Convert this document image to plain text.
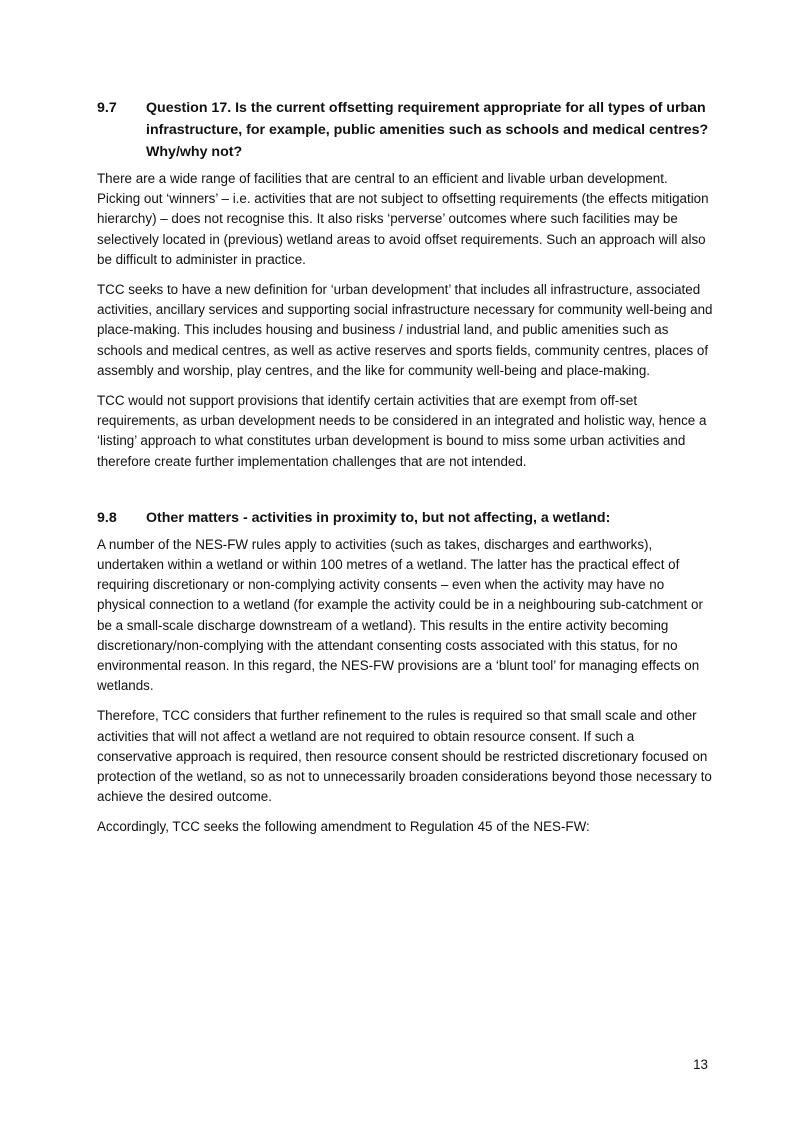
9.7	Question 17. Is the current offsetting requirement appropriate for all types of urban infrastructure, for example, public amenities such as schools and medical centres? Why/why not?

There are a wide range of facilities that are central to an efficient and livable urban development. Picking out ‘winners’ – i.e. activities that are not subject to offsetting requirements (the effects mitigation hierarchy) – does not recognise this. It also risks ‘perverse’ outcomes where such facilities may be selectively located in (previous) wetland areas to avoid offset requirements. Such an approach will also be difficult to administer in practice.

TCC seeks to have a new definition for ‘urban development’ that includes all infrastructure, associated activities, ancillary services and supporting social infrastructure necessary for community well-being and place-making. This includes housing and business / industrial land, and public amenities such as schools and medical centres, as well as active reserves and sports fields, community centres, places of assembly and worship, play centres, and the like for community well-being and place-making.

TCC would not support provisions that identify certain activities that are exempt from off-set requirements, as urban development needs to be considered in an integrated and holistic way, hence a ‘listing’ approach to what constitutes urban development is bound to miss some urban activities and therefore create further implementation challenges that are not intended.

9.8	Other matters - activities in proximity to, but not affecting, a wetland:

A number of the NES-FW rules apply to activities (such as takes, discharges and earthworks), undertaken within a wetland or within 100 metres of a wetland. The latter has the practical effect of requiring discretionary or non-complying activity consents – even when the activity may have no physical connection to a wetland (for example the activity could be in a neighbouring sub-catchment or be a small-scale discharge downstream of a wetland). This results in the entire activity becoming discretionary/non-complying with the attendant consenting costs associated with this status, for no environmental reason. In this regard, the NES-FW provisions are a ‘blunt tool’ for managing effects on wetlands.

Therefore, TCC considers that further refinement to the rules is required so that small scale and other activities that will not affect a wetland are not required to obtain resource consent. If such a conservative approach is required, then resource consent should be restricted discretionary focused on protection of the wetland, so as not to unnecessarily broaden considerations beyond those necessary to achieve the desired outcome.

Accordingly, TCC seeks the following amendment to Regulation 45 of the NES-FW:

13
